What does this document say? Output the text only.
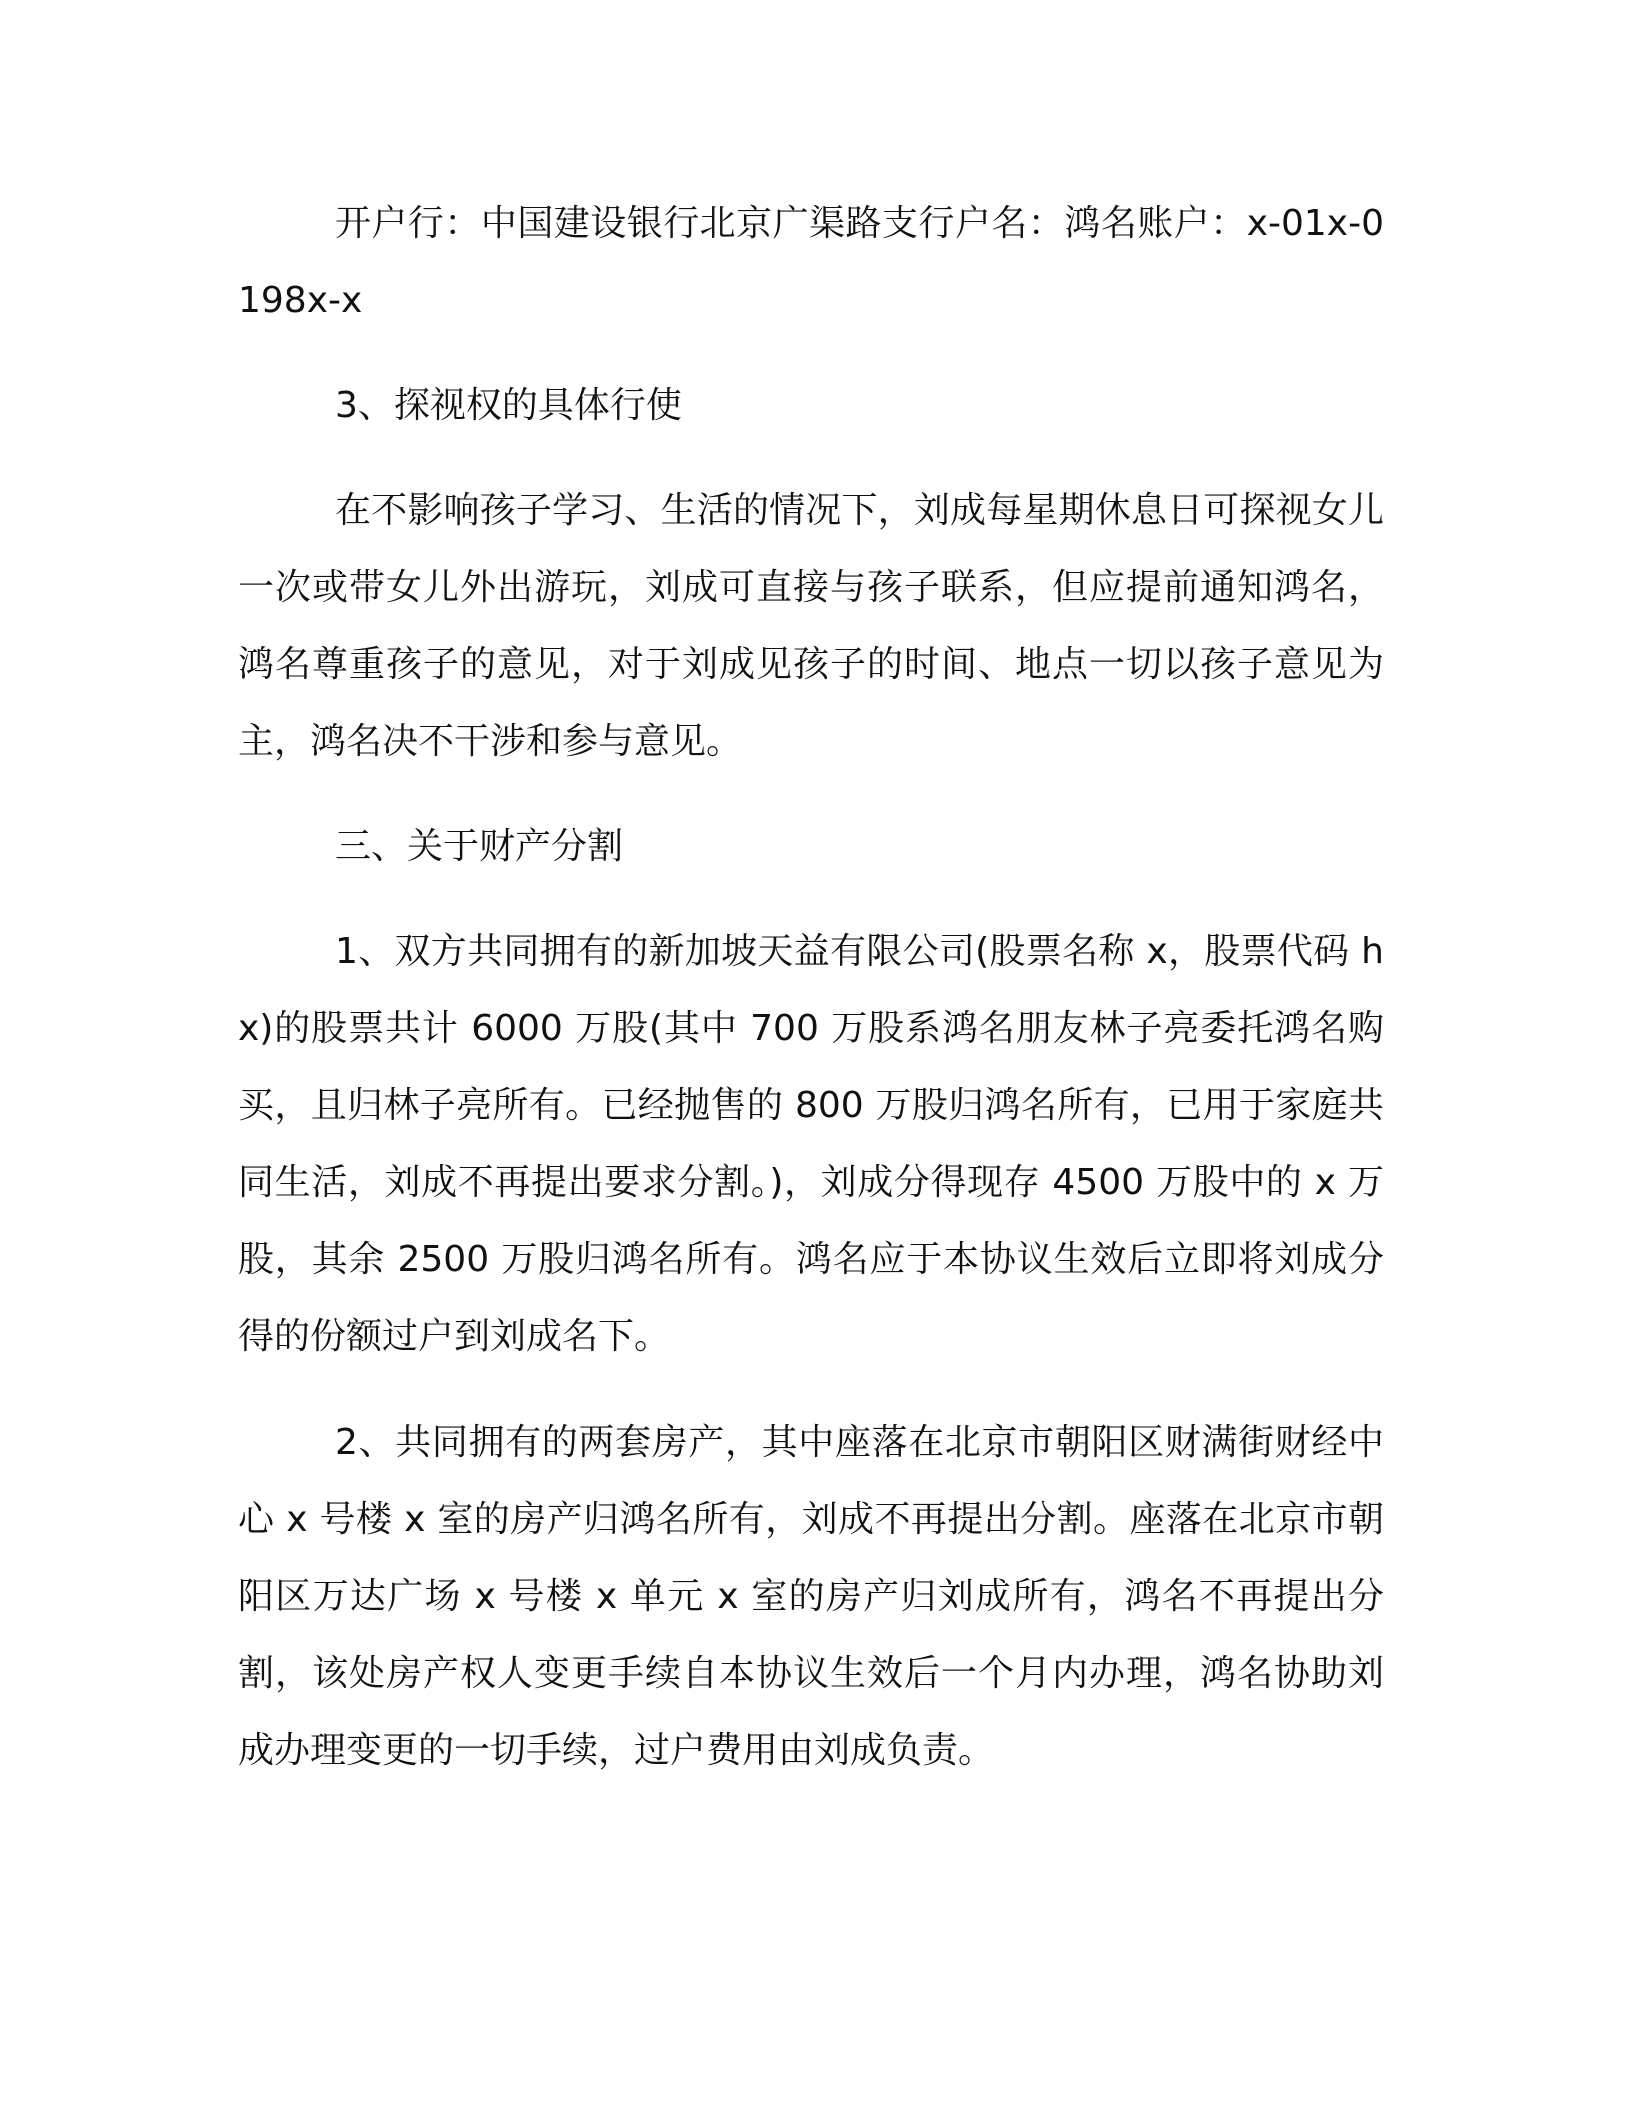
开户行：中国建设银行北京广渠路支行户名：鸿名账户：x-01x-0198x-x

3、探视权的具体行使

在不影响孩子学习、生活的情况下，刘成每星期休息日可探视女儿一次或带女儿外出游玩，刘成可直接与孩子联系，但应提前通知鸿名，鸿名尊重孩子的意见，对于刘成见孩子的时间、地点一切以孩子意见为主，鸿名决不干涉和参与意见。

三、关于财产分割

1、双方共同拥有的新加坡天益有限公司(股票名称 x，股票代码 hx)的股票共计 6000 万股(其中 700 万股系鸿名朋友林子亮委托鸿名购买，且归林子亮所有。已经抛售的 800 万股归鸿名所有，已用于家庭共同生活，刘成不再提出要求分割。)，刘成分得现存 4500 万股中的 x 万股，其余 2500 万股归鸿名所有。鸿名应于本协议生效后立即将刘成分得的份额过户到刘成名下。

2、共同拥有的两套房产，其中座落在北京市朝阳区财满街财经中心 x 号楼 x 室的房产归鸿名所有，刘成不再提出分割。座落在北京市朝阳区万达广场 x 号楼 x 单元 x 室的房产归刘成所有，鸿名不再提出分割，该处房产权人变更手续自本协议生效后一个月内办理，鸿名协助刘成办理变更的一切手续，过户费用由刘成负责。
